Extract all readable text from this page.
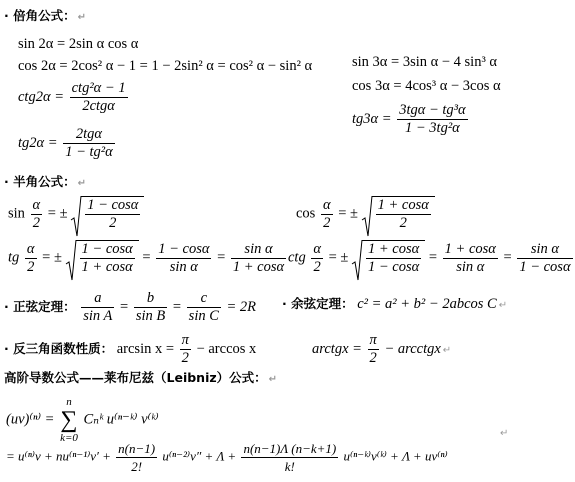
· 倍角公式： ↵
sin 2α = 2sin α cos α
cos 2α = 2cos² α − 1 = 1 − 2sin² α = cos² α − sin² α
$ctg2\alpha = \frac{\text{ctg²α − 1}}{\text{2ctgα}}$
$tg2\alpha = \frac{\text{2tgα}}{\text{1 − tg²α}}$
sin 3α = 3sin α − 4 sin³ α
cos 3α = 4cos³ α − 3cos α
$tg3\alpha = \frac{\text{3tgα − tg³α}}{\text{1 − 3tg²α}}$
· 半角公式： ↵
$\sin \frac{\alpha}{2}$ = ± $\frac{1 - \cos\alpha}{2}$	$\cos \frac{\alpha}{2}$ = ± $\frac{1 + \cos\alpha}{2}$
tg $\frac{\alpha}{2}$ = ± $\frac{1 - \cos\alpha}{1 + \cos\alpha} = \frac{1 - \cos\alpha}{\text{sin α}} = \frac{\text{sin α}}{1 + \cos\alpha}$ ctg $\frac{\alpha}{2}$ = ± $\frac{1 + \cos\alpha}{1 - \cos\alpha} = \frac{1 + \cos\alpha}{\text{sin α}} = \frac{\text{sin α}}{1 - \cos\alpha}$
· 正弦定理： $\frac{a}{\text{sin A}} = \frac{b}{\text{sin B}} = \frac{c}{\text{sin C}} = 2R$ · 余弦定理： c² = a² + b² − 2abcos C ↵
· 反三角函数性质： $\arcsin x = \frac{\pi}{2} - \arccos x$	arctgx = $\frac{\pi}{2}$ − arcctgx ↵
高阶导数公式——莱布尼兹（Leibniz）公式： ↵
(uv)⁽ⁿ⁾ = n
∑
k=0 Cₙᵏ u⁽ⁿ⁻ᵏ⁾ v⁽ᵏ⁾
= $u^{(n)}v + nu^{(n-1)}v' + \frac{n(n-1)}{2!} u^{(n-2)}v'' + \Lambda + \frac{n(n-1)\Lambda (n-k+1)}{k!}$ u⁽ⁿ⁻ᵏ⁾v⁽ᵏ⁾ + Λ + uv⁽ⁿ⁾
↵
